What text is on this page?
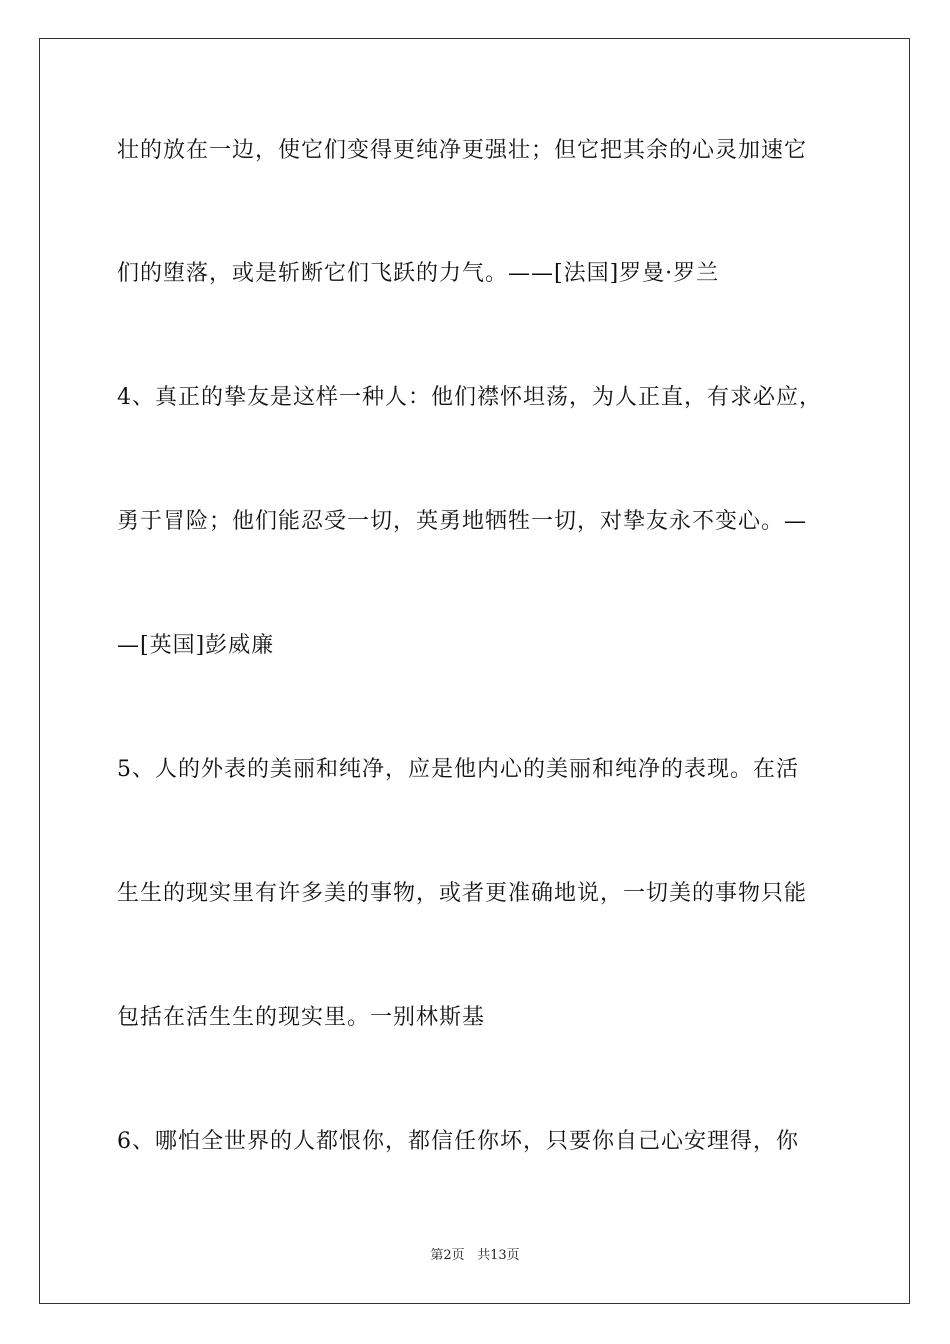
壮的放在一边，使它们变得更纯净更强壮；但它把其余的心灵加速它
们的堕落，或是斩断它们飞跃的力气。——[法国]罗曼·罗兰
4、真正的挚友是这样一种人：他们襟怀坦荡，为人正直，有求必应，
勇于冒险；他们能忍受一切，英勇地牺牲一切，对挚友永不变心。—
—[英国]彭威廉
5、人的外表的美丽和纯净，应是他内心的美丽和纯净的表现。在活
生生的现实里有许多美的事物，或者更准确地说，一切美的事物只能
包括在活生生的现实里。一别林斯基
6、哪怕全世界的人都恨你，都信任你坏，只要你自己心安理得，你
第2页 共13页
